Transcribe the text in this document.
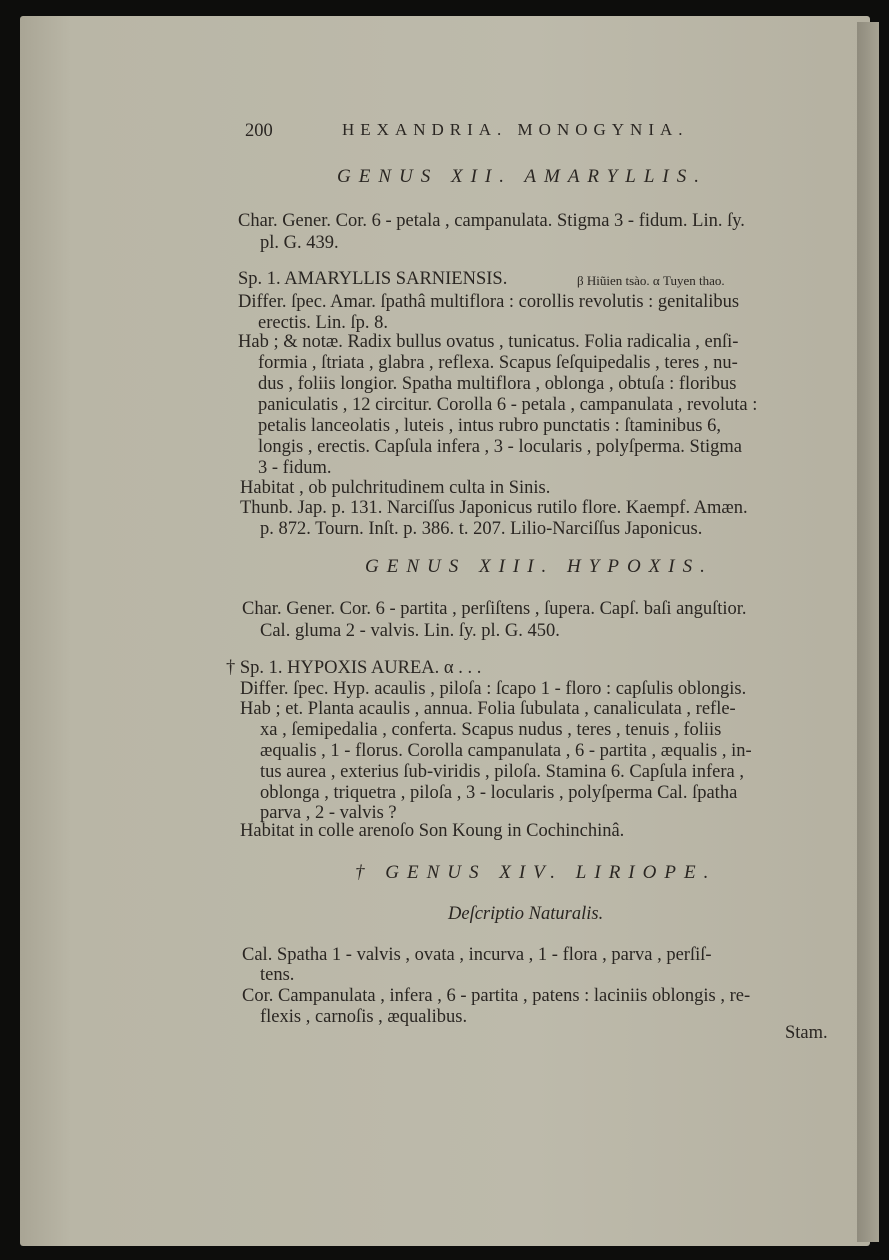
200	HEXANDRIA. MONOGYNIA.
GENUS XII. AMARYLLIS.
Char. Gener. Cor. 6 - petala , campanulata. Stigma 3 - fidum. Lin. ſy.
pl. G. 439.
Sp. 1. AMARYLLIS SARNIENSIS.	β Hiũien tsào. α Tuyen thao.
Differ. ſpec. Amar. ſpathâ multiflora : corollis revolutis : genitalibus
erectis. Lin. ſp. 8.
Hab ; & notæ. Radix bullus ovatus , tunicatus. Folia radicalia , enſi-
formia , ſtriata , glabra , reflexa. Scapus ſeſquipedalis , teres , nu-
dus , foliis longior. Spatha multiflora , oblonga , obtuſa : floribus
paniculatis , 12 circitur. Corolla 6 - petala , campanulata , revoluta :
petalis lanceolatis , luteis , intus rubro punctatis : ſtaminibus 6,
longis , erectis. Capſula infera , 3 - locularis , polyſperma. Stigma
3 - fidum.
Habitat , ob pulchritudinem culta in Sinis.
Thunb. Jap. p. 131. Narciſſus Japonicus rutilo flore. Kaempf. Amæn.
p. 872. Tourn. Inſt. p. 386. t. 207. Lilio-Narciſſus Japonicus.
GENUS XIII. HYPOXIS.
Char. Gener. Cor. 6 - partita , perſiſtens , ſupera. Capſ. baſi anguſtior.
Cal. gluma 2 - valvis. Lin. ſy. pl. G. 450.
† Sp. 1. HYPOXIS AUREA. α . . .
Differ. ſpec. Hyp. acaulis , piloſa : ſcapo 1 - floro : capſulis oblongis.
Hab ; et. Planta acaulis , annua. Folia ſubulata , canaliculata , refle-
xa , ſemipedalia , conferta. Scapus nudus , teres , tenuis , foliis
æqualis , 1 - florus. Corolla campanulata , 6 - partita , æqualis , in-
tus aurea , exterius ſub-viridis , piloſa. Stamina 6. Capſula infera ,
oblonga , triquetra , piloſa , 3 - locularis , polyſperma Cal. ſpatha
parva , 2 - valvis ?
Habitat in colle arenoſo Son Koung in Cochinchinâ.
† GENUS XIV. LIRIOPE.
Deſcriptio Naturalis.
Cal. Spatha 1 - valvis , ovata , incurva , 1 - flora , parva , perſiſ-
tens.
Cor. Campanulata , infera , 6 - partita , patens : laciniis oblongis , re-
flexis , carnoſis , æqualibus.
Stam.
